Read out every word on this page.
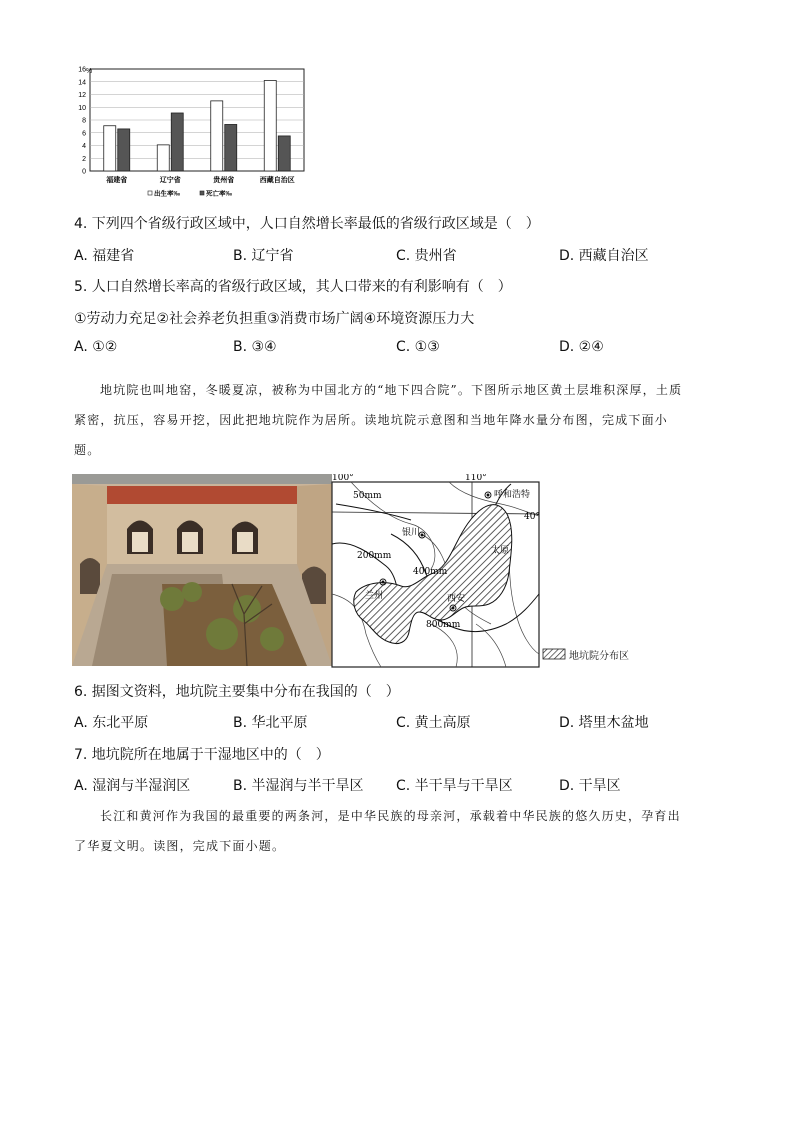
0
2
4
6
8
10
12
14
16 %
福建省	辽宁省	贵州省	西藏自治区
出生率‰	死亡率‰
4. 下列四个省级行政区域中，人口自然增长率最低的省级行政区域是（　）
A. 福建省	B. 辽宁省	C. 贵州省	D. 西藏自治区
5. 人口自然增长率高的省级行政区域，其人口带来的有利影响有（　）
①劳动力充足②社会养老负担重③消费市场广阔④环境资源压力大
A. ①②	B. ③④	C. ①③	D. ②④
地坑院也叫地窑，冬暖夏凉，被称为中国北方的“地下四合院”。下图所示地区黄土层堆积深厚，土质
紧密，抗压，容易开挖，因此把地坑院作为居所。读地坑院示意图和当地年降水量分布图，完成下面小
题。
100°	110°
40°
50mm
200mm
400mm
800mm
呼和浩特
银川
太原
兰州	西安
地坑院分布区
6. 据图文资料，地坑院主要集中分布在我国的（　）
A. 东北平原	B. 华北平原	C. 黄土高原	D. 塔里木盆地
7. 地坑院所在地属于干湿地区中的（　）
A. 湿润与半湿润区	B. 半湿润与半干旱区 C. 半干旱与干旱区	D. 干旱区
长江和黄河作为我国的最重要的两条河，是中华民族的母亲河，承载着中华民族的悠久历史，孕育出
了华夏文明。读图，完成下面小题。
